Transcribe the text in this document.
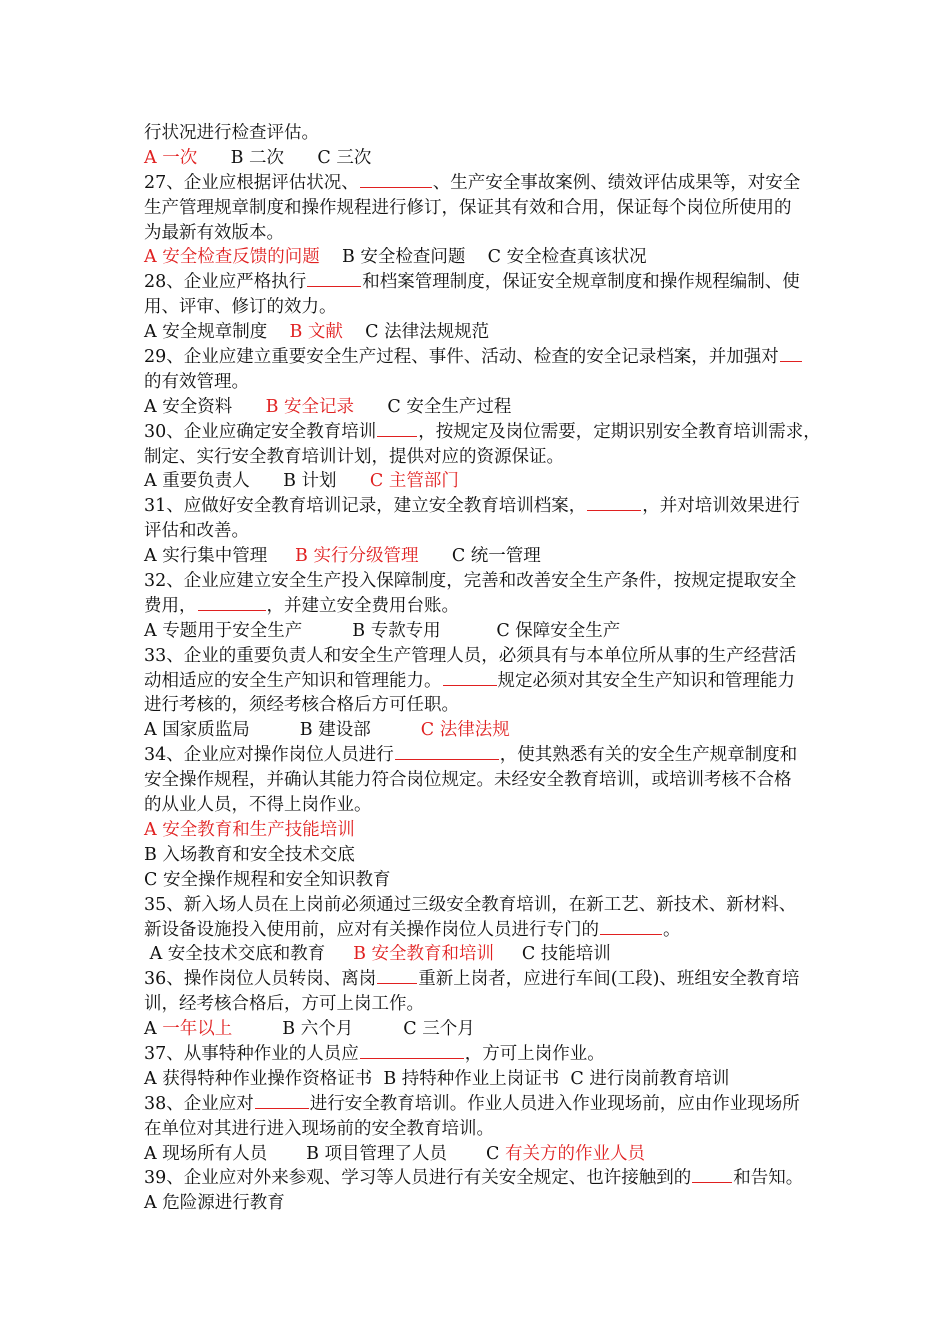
行状况进行检查评估。
A 一次      B 二次      C 三次
27、企业应根据评估状况、	、生产安全事故案例、绩效评估成果等，对安全
生产管理规章制度和操作规程进行修订，保证其有效和合用，保证每个岗位所使用的
为最新有效版本。
A 安全检查反馈的问题    B 安全检查问题    C 安全检查真该状况
28、企业应严格执行	和档案管理制度，保证安全规章制度和操作规程编制、使
用、评审、修订的效力。
A 安全规章制度    B 文献    C 法律法规规范
29、企业应建立重要安全生产过程、事件、活动、检查的安全记录档案，并加强对
的有效管理。
A 安全资料      B 安全记录      C 安全生产过程
30、企业应确定安全教育培训 ，按规定及岗位需要，定期识别安全教育培训需求，
制定、实行安全教育培训计划，提供对应的资源保证。
A 重要负责人      B 计划      C 主管部门
31、应做好安全教育培训记录，建立安全教育培训档案，	，并对培训效果进行
评估和改善。
A 实行集中管理     B 实行分级管理      C 统一管理
32、企业应建立安全生产投入保障制度，完善和改善安全生产条件，按规定提取安全
费用，	，并建立安全费用台账。
A 专题用于安全生产         B 专款专用          C 保障安全生产
33、企业的重要负责人和安全生产管理人员，必须具有与本单位所从事的生产经营活
动相适应的安全生产知识和管理能力。	规定必须对其安全生产知识和管理能力
进行考核的，须经考核合格后方可任职。
A 国家质监局         B 建设部         C 法律法规
34、企业应对操作岗位人员进行	，使其熟悉有关的安全生产规章制度和
安全操作规程，并确认其能力符合岗位规定。未经安全教育培训，或培训考核不合格
的从业人员，不得上岗作业。
A 安全教育和生产技能培训
B 入场教育和安全技术交底
C 安全操作规程和安全知识教育
35、新入场人员在上岗前必须通过三级安全教育培训，在新工艺、新技术、新材料、
新设备设施投入使用前，应对有关操作岗位人员进行专门的	。
A 安全技术交底和教育     B 安全教育和培训     C 技能培训
36、操作岗位人员转岗、离岗 重新上岗者，应进行车间(工段)、班组安全教育培
训，经考核合格后，方可上岗工作。
A 一年以上         B 六个月         C 三个月
37、从事特种作业的人员应	，方可上岗作业。
A 获得特种作业操作资格证书  B 持特种作业上岗证书  C 进行岗前教育培训
38、企业应对	进行安全教育培训。作业人员进入作业现场前，应由作业现场所
在单位对其进行进入现场前的安全教育培训。
A 现场所有人员       B 项目管理了人员       C 有关方的作业人员
39、企业应对外来参观、学习等人员进行有关安全规定、也许接触到的 和告知。
A 危险源进行教育
